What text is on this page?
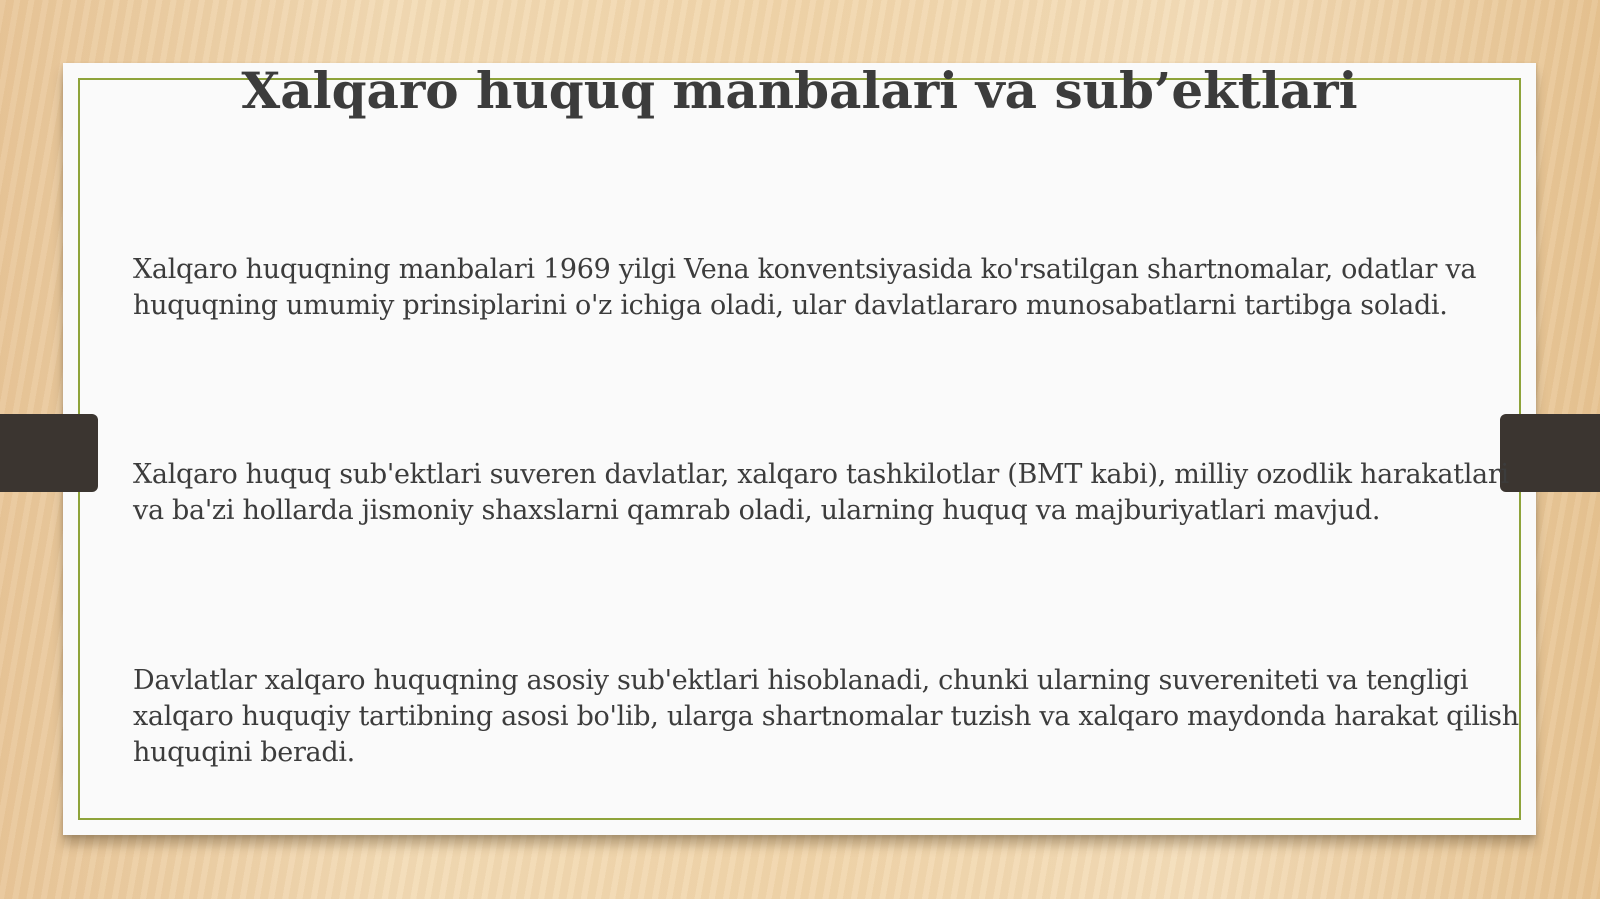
Xalqaro huquq manbalari va sub’ektlari

Xalqaro huquqning manbalari 1969 yilgi Vena konventsiyasida ko'rsatilgan shartnomalar, odatlar va huquqning umumiy prinsiplarini o'z ichiga oladi, ular davlatlararo munosabatlarni tartibga soladi.

Xalqaro huquq sub'ektlari suveren davlatlar, xalqaro tashkilotlar (BMT kabi), milliy ozodlik harakatlari va ba'zi hollarda jismoniy shaxslarni qamrab oladi, ularning huquq va majburiyatlari mavjud.

Davlatlar xalqaro huquqning asosiy sub'ektlari hisoblanadi, chunki ularning suvereniteti va tengligi xalqaro huquqiy tartibning asosi bo'lib, ularga shartnomalar tuzish va xalqaro maydonda harakat qilish huquqini beradi.
